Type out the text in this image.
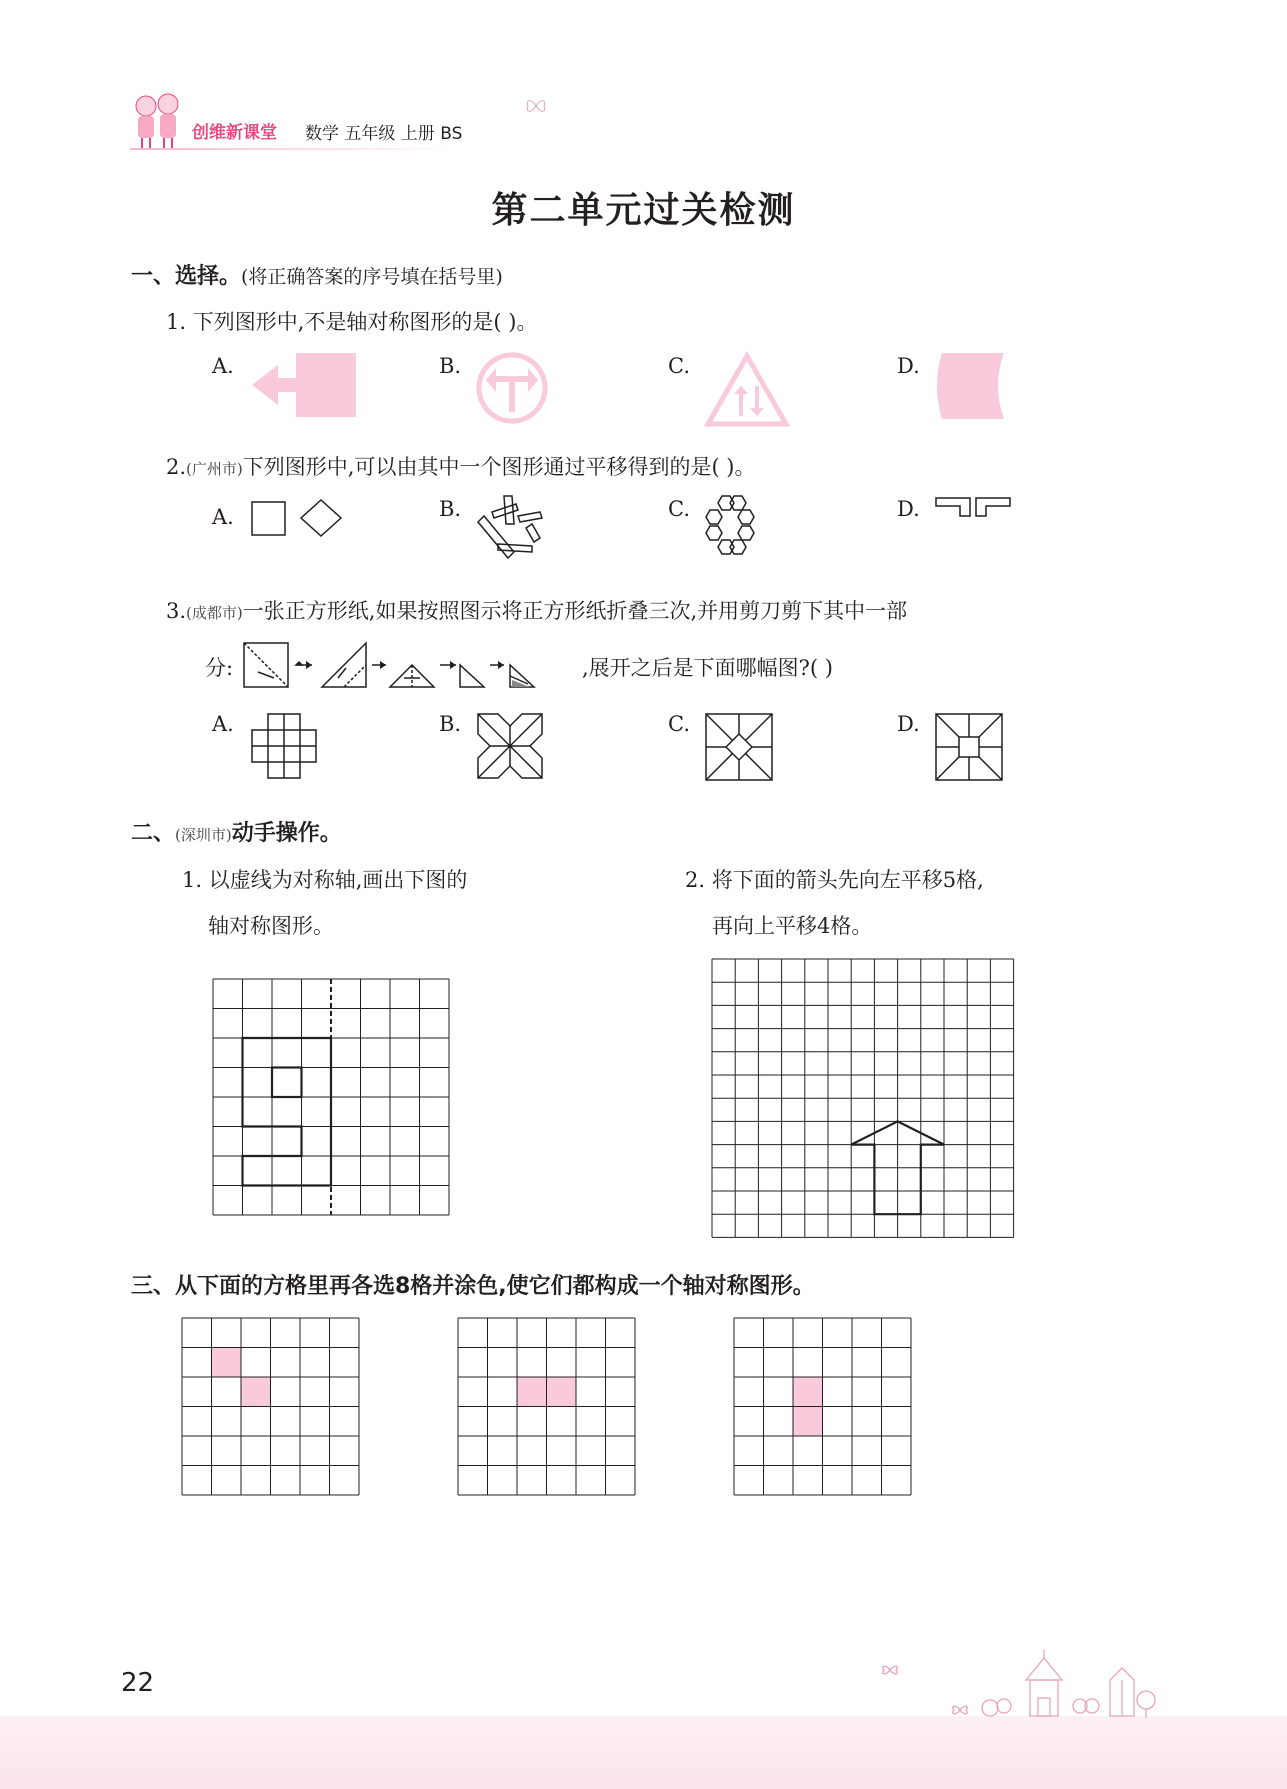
创维新课堂 数学 五年级 上册 BS
第二单元过关检测
一、选择。(将正确答案的序号填在括号里)
1. 下列图形中,不是轴对称图形的是( )。
A.	B.	C.	D.
2.(广州市)下列图形中,可以由其中一个图形通过平移得到的是( )。
A.	B.	C.	D.
3.(成都市)一张正方形纸,如果按照图示将正方形纸折叠三次,并用剪刀剪下其中一部
分:	,展开之后是下面哪幅图?( )
A.	B.	C.	D.
二、(深圳市)动手操作。
1. 以虚线为对称轴,画出下图的
轴对称图形。
2. 将下面的箭头先向左平移5格,
再向上平移4格。
三、从下面的方格里再各选8格并涂色,使它们都构成一个轴对称图形。
22
